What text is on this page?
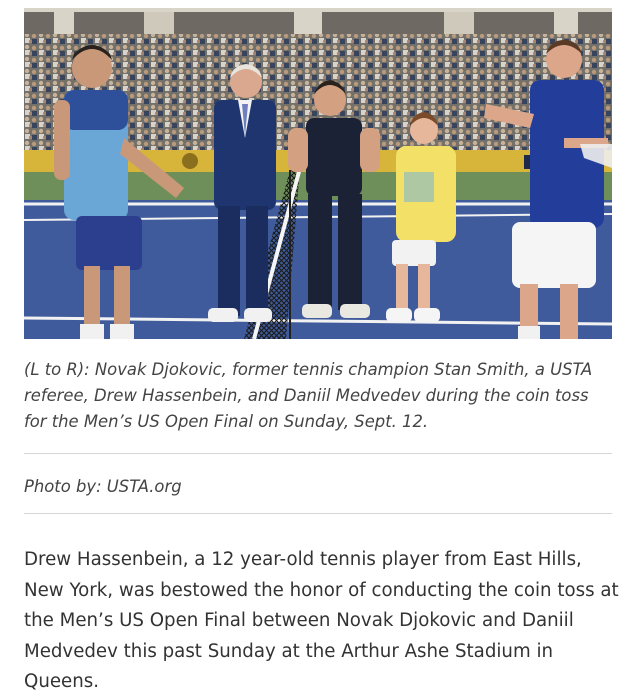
(L to R): Novak Djokovic, former tennis champion Stan Smith, a USTA referee, Drew Hassenbein, and Daniil Medvedev during the coin toss for the Men’s US Open Final on Sunday, Sept. 12.

Photo by: USTA.org

Drew Hassenbein, a 12 year-old tennis player from East Hills, New York, was bestowed the honor of conducting the coin toss at the Men’s US Open Final between Novak Djokovic and Daniil Medvedev this past Sunday at the Arthur Ashe Stadium in Queens.
